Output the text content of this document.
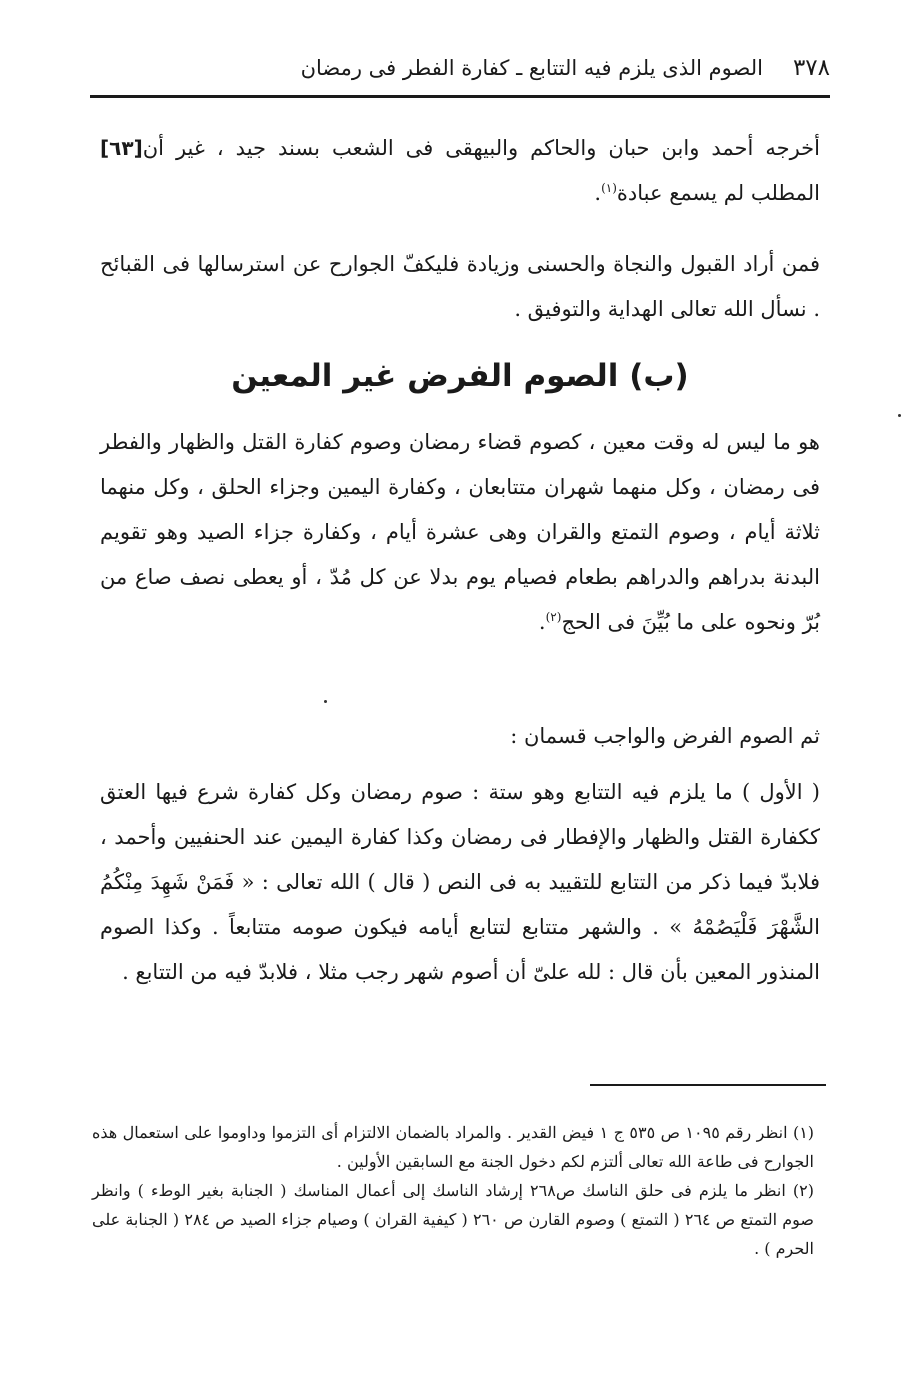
٣٧٨
الصوم الذى يلزم فيه التتابع ـ كفارة الفطر فى رمضان

[٦٣] أخرجه أحمد وابن حبان والحاكم والبيهقى فى الشعب بسند جيد ، غير أن المطلب لم يسمع عبادة$^{(١)}$.

فمن أراد القبول والنجاة والحسنى وزيادة فليكفّ الجوارح عن استرسالها فى القبائح . نسأل الله تعالى الهداية والتوفيق .

(ب) الصوم الفرض غير المعين

هو ما ليس له وقت معين ، كصوم قضاء رمضان وصوم كفارة القتل والظهار والفطر فى رمضان ، وكل منهما شهران متتابعان ، وكفارة اليمين وجزاء الحلق ، وكل منهما ثلاثة أيام ، وصوم التمتع والقران وهى عشرة أيام ، وكفارة جزاء الصيد وهو تقويم البدنة بدراهم والدراهم بطعام فصيام يوم بدلا عن كل مُدّ ، أو يعطى نصف صاع من بُرّ ونحوه على ما بُيِّنَ فى الحج$^{(٢)}$.

ثم الصوم الفرض والواجب قسمان :

( الأول ) ما يلزم فيه التتابع وهو ستة : صوم رمضان وكل كفارة شرع فيها العتق ككفارة القتل والظهار والإفطار فى رمضان وكذا كفارة اليمين عند الحنفيين وأحمد ، فلابدّ فيما ذكر من التتابع للتقييد به فى النص ( قال ) الله تعالى : « فَمَنْ شَهِدَ مِنْكُمُ الشَّهْرَ فَلْيَصُمْهُ » . والشهر متتابع لتتابع أيامه فيكون صومه متتابعاً . وكذا الصوم المنذور المعين بأن قال : لله علىّ أن أصوم شهر رجب مثلا ، فلابدّ فيه من التتابع .

(١) انظر رقم ١٠٩٥ ص ٥٣٥ ج ١ فيض القدير . والمراد بالضمان الالتزام أى التزموا وداوموا على استعمال هذه الجوارح فى طاعة الله تعالى ألتزم لكم دخول الجنة مع السابقين الأولين .

(٢) انظر ما يلزم فى حلق الناسك ص٢٦٨ إرشاد الناسك إلى أعمال المناسك ( الجنابة بغير الوطء ) وانظر صوم التمتع ص ٢٦٤ ( التمتع ) وصوم القارن ص ٢٦٠ ( كيفية القران ) وصيام جزاء الصيد ص ٢٨٤ ( الجنابة على الحرم ) .
